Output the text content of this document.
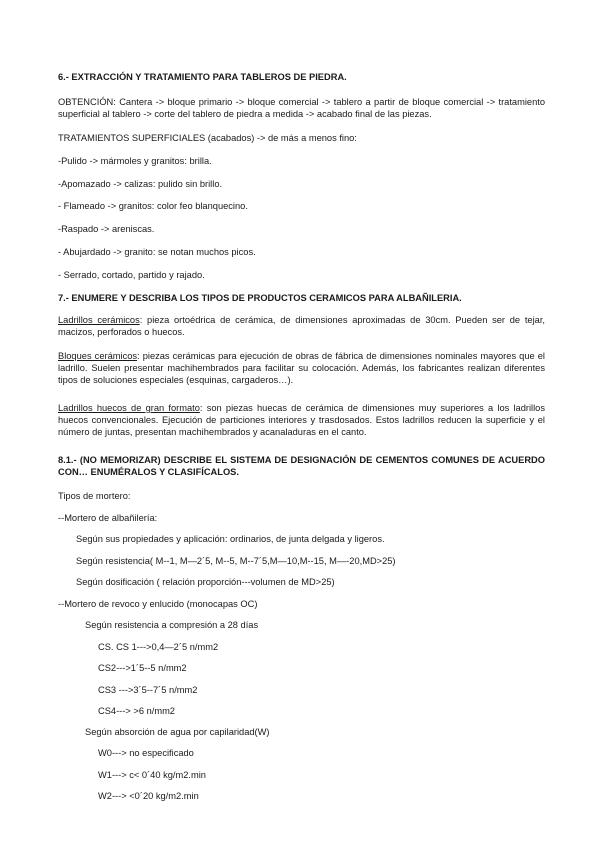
6.- EXTRACCIÓN Y TRATAMIENTO PARA TABLEROS DE PIEDRA.
OBTENCIÓN: Cantera -> bloque primario -> bloque comercial -> tablero a partir de bloque comercial -> tratamiento superficial al tablero -> corte del tablero de piedra a medida -> acabado final de las piezas.
TRATAMIENTOS SUPERFICIALES (acabados) -> de más a menos fino:
-Pulido -> mármoles y granitos: brilla.
-Apomazado -> calizas: pulido sin brillo.
- Flameado -> granitos: color feo blanquecino.
-Raspado -> areniscas.
- Abujardado -> granito: se notan muchos picos.
- Serrado, cortado, partido y rajado.
7.- ENUMERE Y DESCRIBA LOS TIPOS DE PRODUCTOS CERAMICOS PARA ALBAÑILERIA.
Ladrillos cerámicos: pieza ortoédrica de cerámica, de dimensiones aproximadas de 30cm. Pueden ser de tejar, macizos, perforados o huecos.
Bloques cerámicos: piezas cerámicas para ejecución de obras de fábrica de dimensiones nominales mayores que el ladrillo. Suelen presentar machihembrados para facilitar su colocación. Además, los fabricantes realizan diferentes tipos de soluciones especiales (esquinas, cargaderos…).
Ladrillos huecos de gran formato: son piezas huecas de cerámica de dimensiones muy superiores a los ladrillos huecos convencionales. Ejecución de particiones interiores y trasdosados. Estos ladrillos reducen la superficie y el número de juntas, presentan machihembrados y acanaladuras en el canto.
8.1.- (NO MEMORIZAR) DESCRIBE EL SISTEMA DE DESIGNACIÓN DE CEMENTOS COMUNES DE ACUERDO CON… ENUMÉRALOS Y CLASIFÍCALOS.
Tipos de mortero:
--Mortero de albañilería:
Según sus propiedades y aplicación: ordinarios, de junta delgada y ligeros.
Según resistencia( M--1, M—2´5, M--5, M--7´5,M—10,M--15, M—-20,MD>25)
Según dosificación ( relación proporción---volumen de MD>25)
--Mortero de revoco y enlucido (monocapas OC)
Según resistencia a compresión a 28 días
CS. CS 1--->0,4—2´5 n/mm2
CS2--->1´5--5 n/mm2
CS3 --->3´5--7´5 n/mm2
CS4---> >6 n/mm2
Según absorción de agua por capilaridad(W)
W0---> no especificado
W1---> c< 0´40 kg/m2.min
W2---> <0´20 kg/m2.min
